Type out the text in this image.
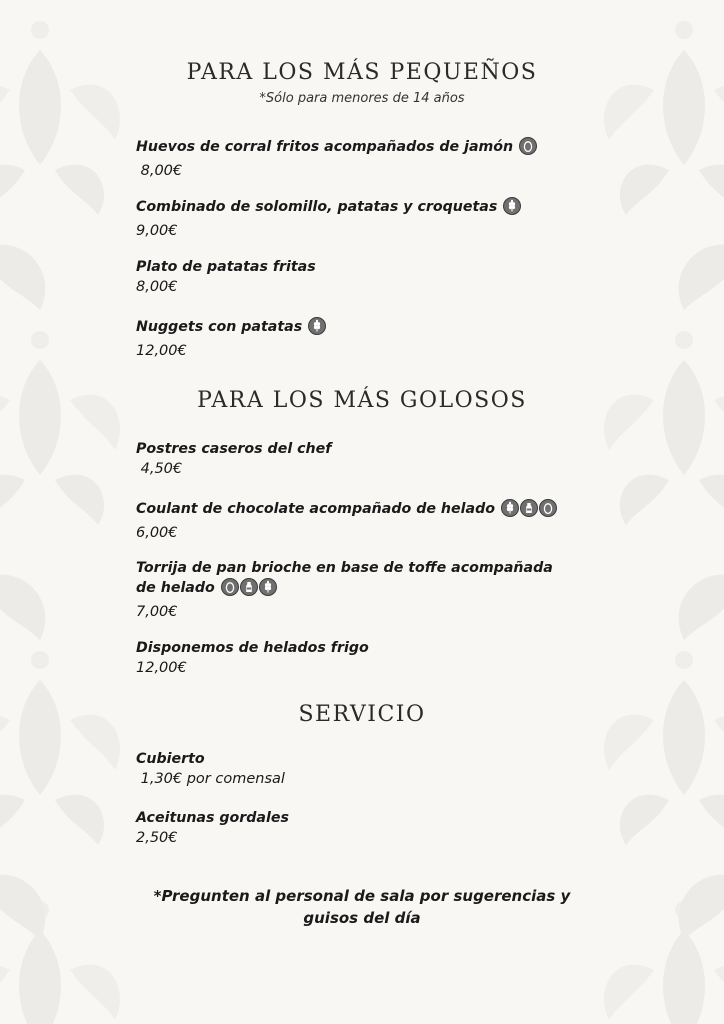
PARA LOS MÁS PEQUEÑOS
*Sólo para menores de 14 años
Huevos de corral fritos acompañados de jamón
8,00€
Combinado de solomillo, patatas y croquetas
9,00€
Plato de patatas fritas
8,00€
Nuggets con patatas
12,00€
PARA LOS MÁS GOLOSOS
Postres caseros del chef
4,50€
Coulant de chocolate acompañado de helado
6,00€
Torrija de pan brioche en base de toffe acompañada de helado
7,00€
Disponemos de helados frigo
12,00€
SERVICIO
Cubierto
1,30€ por comensal
Aceitunas gordales
2,50€
*Pregunten al personal de sala por sugerencias y guisos del día
